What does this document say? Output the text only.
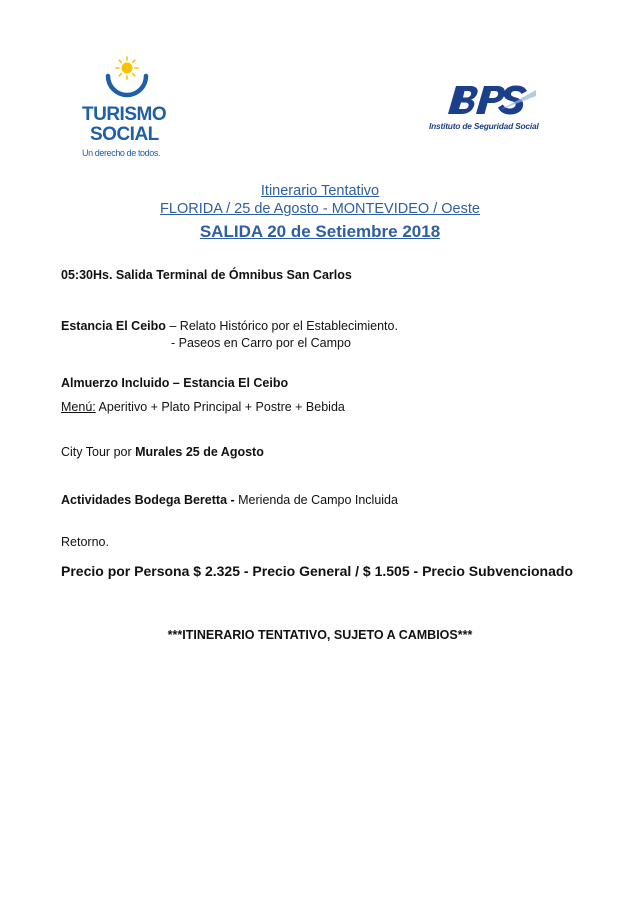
TURISMO
SOCIAL
Un derecho de todos.
Instituto de Seguridad Social
Itinerario Tentativo
FLORIDA / 25 de Agosto - MONTEVIDEO / Oeste
SALIDA 20 de Setiembre 2018
05:30Hs. Salida Terminal de Ómnibus San Carlos
Estancia El Ceibo – Relato Histórico por el Establecimiento.
- Paseos en Carro por el Campo
Almuerzo Incluido – Estancia El Ceibo
Menú: Aperitivo + Plato Principal + Postre + Bebida
City Tour por Murales 25 de Agosto
Actividades Bodega Beretta - Merienda de Campo Incluida
Retorno.
Precio por Persona $ 2.325 - Precio General / $ 1.505 - Precio Subvencionado
***ITINERARIO TENTATIVO, SUJETO A CAMBIOS***
